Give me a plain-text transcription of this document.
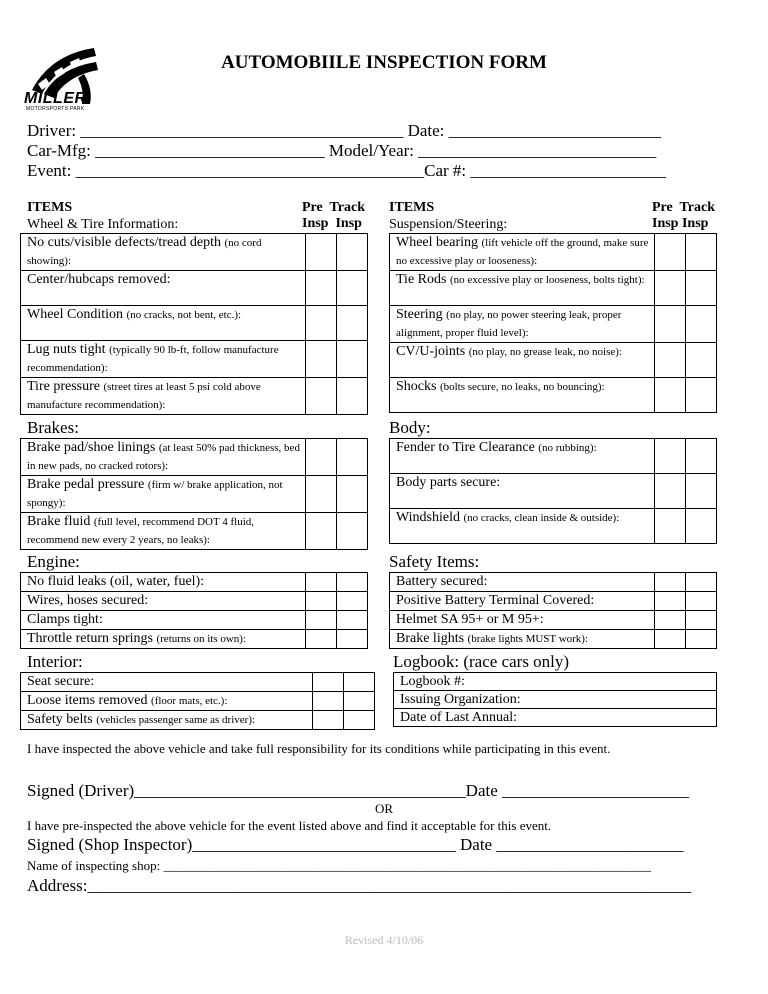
MILLER
MOTORSPORTS PARK
AUTOMOBIILE INSPECTION FORM
Driver: ______________________________________ Date: _________________________
Car-Mfg: ___________________________ Model/Year: ____________________________
Event: _________________________________________Car #: _______________________
ITEMS
Wheel & Tire Information:
Pre Track
Insp Insp
ITEMS
Suspension/Steering:
Pre Track
Insp Insp
No cuts/visible defects/tread depth (no cord showing):		
Center/hubcaps removed:		
Wheel Condition (no cracks, not bent, etc.):		
Lug nuts tight (typically 90 lb-ft, follow manufacture recommendation):		
Tire pressure (street tires at least 5 psi cold above manufacture recommendation):		
Wheel bearing (lift vehicle off the ground, make sure no excessive play or looseness):		
Tie Rods (no excessive play or looseness, bolts tight):		
Steering (no play, no power steering leak, proper alignment, proper fluid level):		
CV/U-joints (no play, no grease leak, no noise):		
Shocks (bolts secure, no leaks, no bouncing):		
Brakes:
Brake pad/shoe linings (at least 50% pad thickness, bed in new pads, no cracked rotors):		
Brake pedal pressure (firm w/ brake application, not spongy):		
Brake fluid (full level, recommend DOT 4 fluid, recommend new every 2 years, no leaks):		
Body:
Fender to Tire Clearance (no rubbing):		
Body parts secure:		
Windshield (no cracks, clean inside & outside):		
Engine:
No fluid leaks (oil, water, fuel):		
Wires, hoses secured:		
Clamps tight:		
Throttle return springs (returns on its own):		
Safety Items:
Battery secured:		
Positive Battery Terminal Covered:		
Helmet SA 95+ or M 95+:		
Brake lights (brake lights MUST work):		
Interior:
Seat secure:		
Loose items removed (floor mats, etc.):		
Safety belts (vehicles passenger same as driver):		
Logbook: (race cars only)
Logbook #:
Issuing Organization:
Date of Last Annual:
I have inspected the above vehicle and take full responsibility for its conditions while participating in this event.
Signed (Driver)_______________________________________Date ______________________
OR
I have pre-inspected the above vehicle for the event listed above and find it acceptable for this event.
Signed (Shop Inspector)_______________________________ Date ______________________
Name of inspecting shop: ___________________________________________________________________________
Address:_______________________________________________________________________
Revised 4/10/06
